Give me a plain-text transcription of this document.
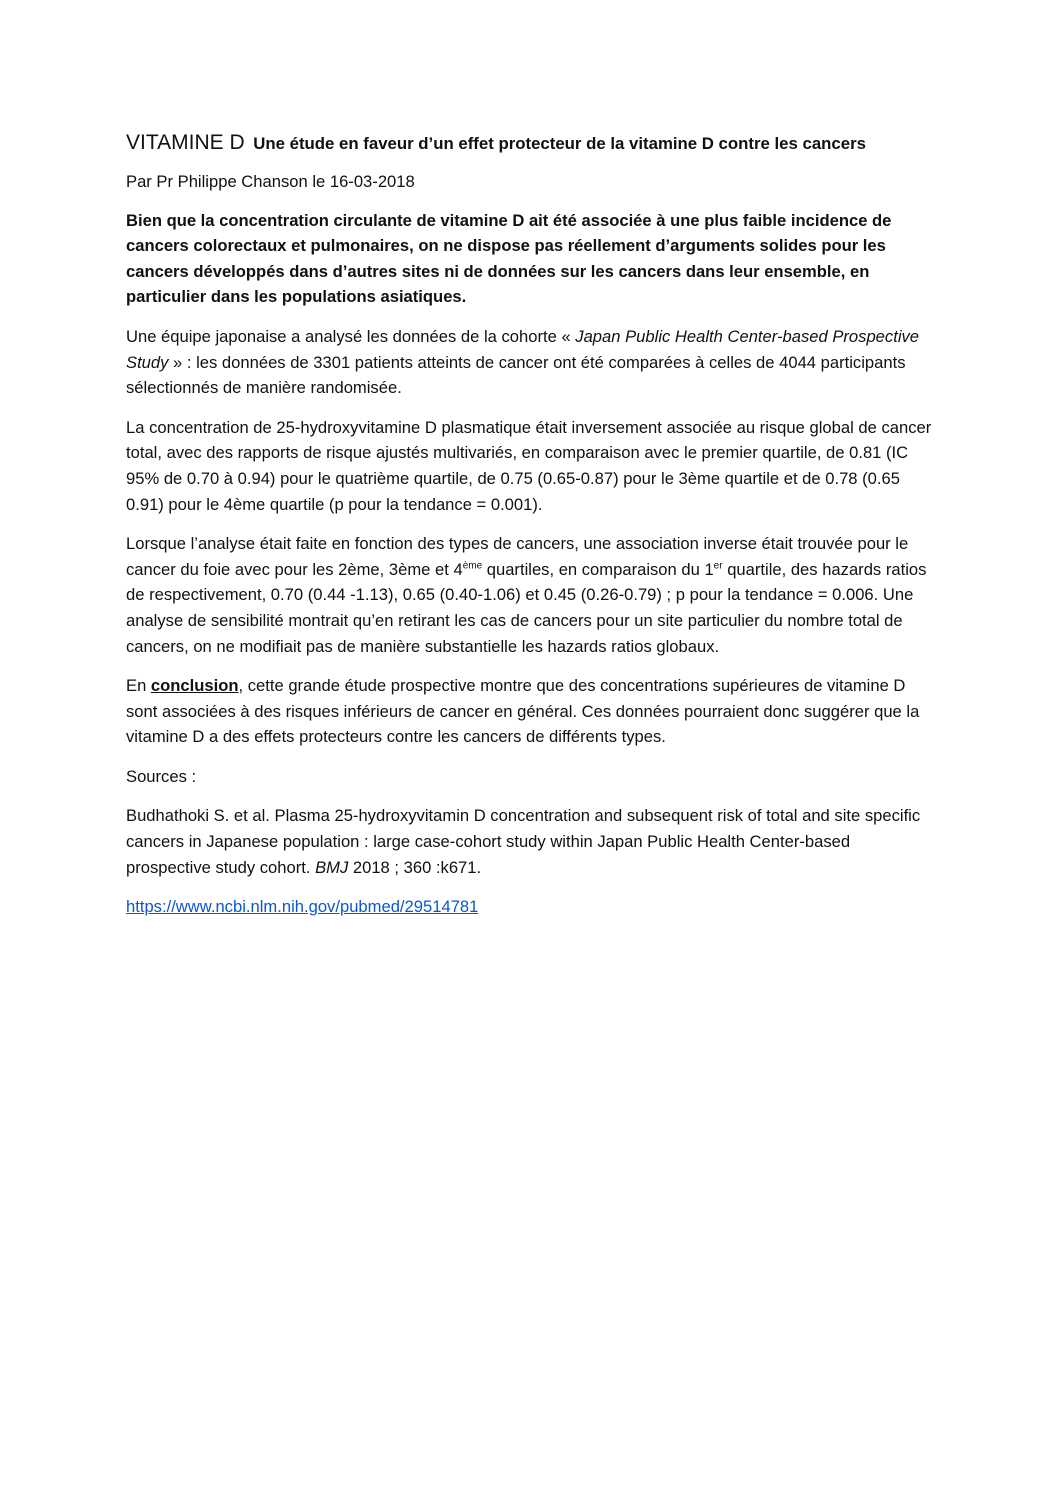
VITAMINE D Une étude en faveur d’un effet protecteur de la vitamine D contre les cancers

Par Pr Philippe Chanson le 16-03-2018

Bien que la concentration circulante de vitamine D ait été associée à une plus faible incidence de cancers colorectaux et pulmonaires, on ne dispose pas réellement d’arguments solides pour les cancers développés dans d’autres sites ni de données sur les cancers dans leur ensemble, en particulier dans les populations asiatiques.

Une équipe japonaise a analysé les données de la cohorte « Japan Public Health Center-based Prospective Study » : les données de 3301 patients atteints de cancer ont été comparées à celles de 4044 participants sélectionnés de manière randomisée.

La concentration de 25-hydroxyvitamine D plasmatique était inversement associée au risque global de cancer total, avec des rapports de risque ajustés multivariés, en comparaison avec le premier quartile, de 0.81 (IC 95% de 0.70 à 0.94) pour le quatrième quartile, de 0.75 (0.65-0.87) pour le 3ème quartile et de 0.78 (0.65 0.91) pour le 4ème quartile (p pour la tendance = 0.001).

Lorsque l’analyse était faite en fonction des types de cancers, une association inverse était trouvée pour le cancer du foie avec pour les 2ème, 3ème et 4ème quartiles, en comparaison du 1er quartile, des hazards ratios de respectivement, 0.70 (0.44 -1.13), 0.65 (0.40-1.06) et 0.45 (0.26-0.79) ; p pour la tendance = 0.006. Une analyse de sensibilité montrait qu’en retirant les cas de cancers pour un site particulier du nombre total de cancers, on ne modifiait pas de manière substantielle les hazards ratios globaux.

En conclusion, cette grande étude prospective montre que des concentrations supérieures de vitamine D sont associées à des risques inférieurs de cancer en général. Ces données pourraient donc suggérer que la vitamine D a des effets protecteurs contre les cancers de différents types.

Sources :

Budhathoki S. et al. Plasma 25-hydroxyvitamin D concentration and subsequent risk of total and site specific cancers in Japanese population : large case-cohort study within Japan Public Health Center-based prospective study cohort. BMJ 2018 ; 360 :k671.

https://www.ncbi.nlm.nih.gov/pubmed/29514781
